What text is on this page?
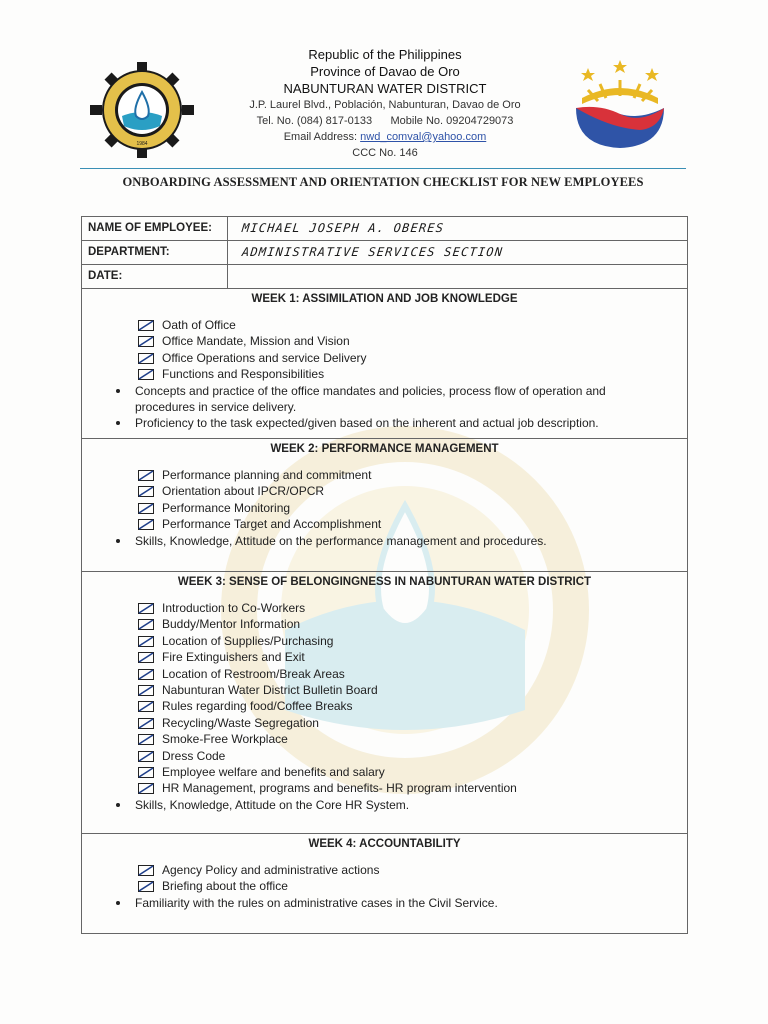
1984
Republic of the Philippines
Province of Davao de Oro
NABUNTURAN WATER DISTRICT
J.P. Laurel Blvd., Población, Nabunturan, Davao de Oro
Tel. No. (084) 817-0133      Mobile No. 09204729073
Email Address: nwd_comval@yahoo.com
CCC No. 146
ONBOARDING ASSESSMENT AND ORIENTATION CHECKLIST FOR NEW EMPLOYEES
NAME OF EMPLOYEE: MICHAEL JOSEPH A. OBERES
DEPARTMENT:	ADMINISTRATIVE SERVICES SECTION
DATE:
WEEK 1: ASSIMILATION AND JOB KNOWLEDGE
Oath of Office
Office Mandate, Mission and Vision
Office Operations and service Delivery
Functions and Responsibilities
Concepts and practice of the office mandates and policies, process flow of operation and procedures in service delivery.
Proficiency to the task expected/given based on the inherent and actual job description.
WEEK 2: PERFORMANCE MANAGEMENT
Performance planning and commitment
Orientation about IPCR/OPCR
Performance Monitoring
Performance Target and Accomplishment
Skills, Knowledge, Attitude on the performance management and procedures.
WEEK 3: SENSE OF BELONGINGNESS IN NABUNTURAN WATER DISTRICT
Introduction to Co-Workers
Buddy/Mentor Information
Location of Supplies/Purchasing
Fire Extinguishers and Exit
Location of Restroom/Break Areas
Nabunturan Water District Bulletin Board
Rules regarding food/Coffee Breaks
Recycling/Waste Segregation
Smoke-Free Workplace
Dress Code
Employee welfare and benefits and salary
HR Management, programs and benefits- HR program intervention
Skills, Knowledge, Attitude on the Core HR System.
WEEK 4: ACCOUNTABILITY
Agency Policy and administrative actions
Briefing about the office
Familiarity with the rules on administrative cases in the Civil Service.
